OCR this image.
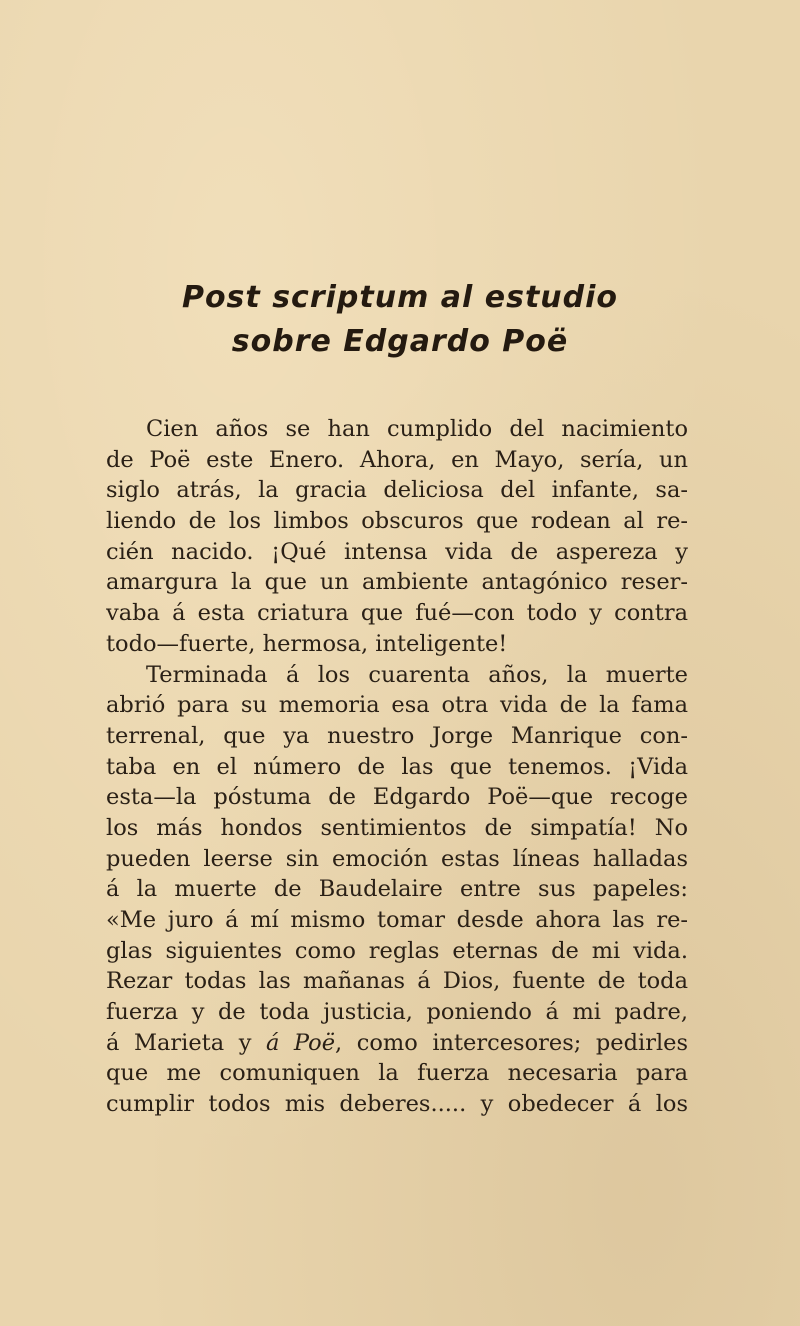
Post scriptum al estudio
sobre Edgardo Poë
Cien años se han cumplido del nacimiento
de Poë este Enero. Ahora, en Mayo, sería, un
siglo atrás, la gracia deliciosa del infante, sa-
liendo de los limbos obscuros que rodean al re-
cién nacido. ¡Qué intensa vida de aspereza y
amargura la que un ambiente antagónico reser-
vaba á esta criatura que fué—con todo y contra
todo—fuerte, hermosa, inteligente!
Terminada á los cuarenta años, la muerte
abrió para su memoria esa otra vida de la fama
terrenal, que ya nuestro Jorge Manrique con-
taba en el número de las que tenemos. ¡Vida
esta—la póstuma de Edgardo Poë—que recoge
los más hondos sentimientos de simpatía! No
pueden leerse sin emoción estas líneas halladas
á la muerte de Baudelaire entre sus papeles:
«Me juro á mí mismo tomar desde ahora las re-
glas siguientes como reglas eternas de mi vida.
Rezar todas las mañanas á Dios, fuente de toda
fuerza y de toda justicia, poniendo á mi padre,
á Marieta y á Poë, como intercesores; pedirles
que me comuniquen la fuerza necesaria para
cumplir todos mis deberes..... y obedecer á los
